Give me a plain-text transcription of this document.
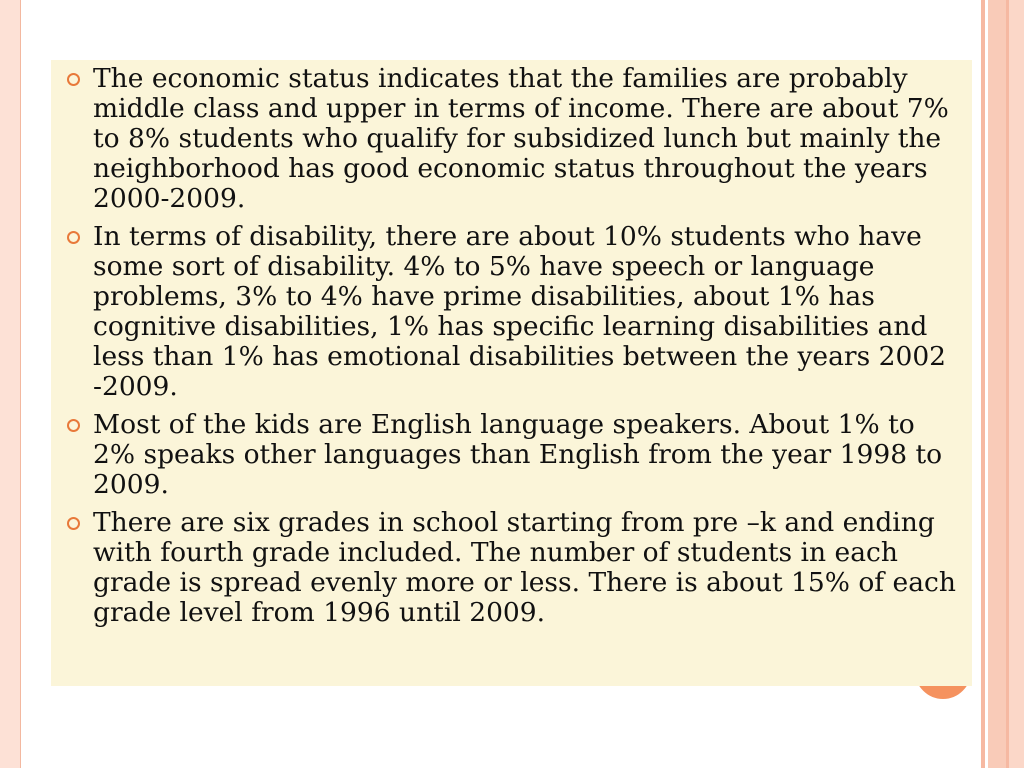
The economic status indicates that the families are probably middle class and upper in terms of income. There are about 7% to 8% students who qualify for subsidized lunch but mainly the neighborhood has good economic status throughout the years 2000-2009.
In terms of disability, there are about 10% students who have some sort of disability. 4% to 5% have speech or language problems, 3% to 4% have prime disabilities, about 1% has cognitive disabilities, 1% has specific learning disabilities and less than 1% has emotional disabilities between the years 2002 -2009.
Most of the kids are English language speakers. About 1% to 2% speaks other languages than English from the year 1998 to 2009.
There are six grades in school starting from pre –k and ending with fourth grade included. The number of students in each grade is spread evenly more or less. There is about 15% of each grade level from 1996 until 2009.
